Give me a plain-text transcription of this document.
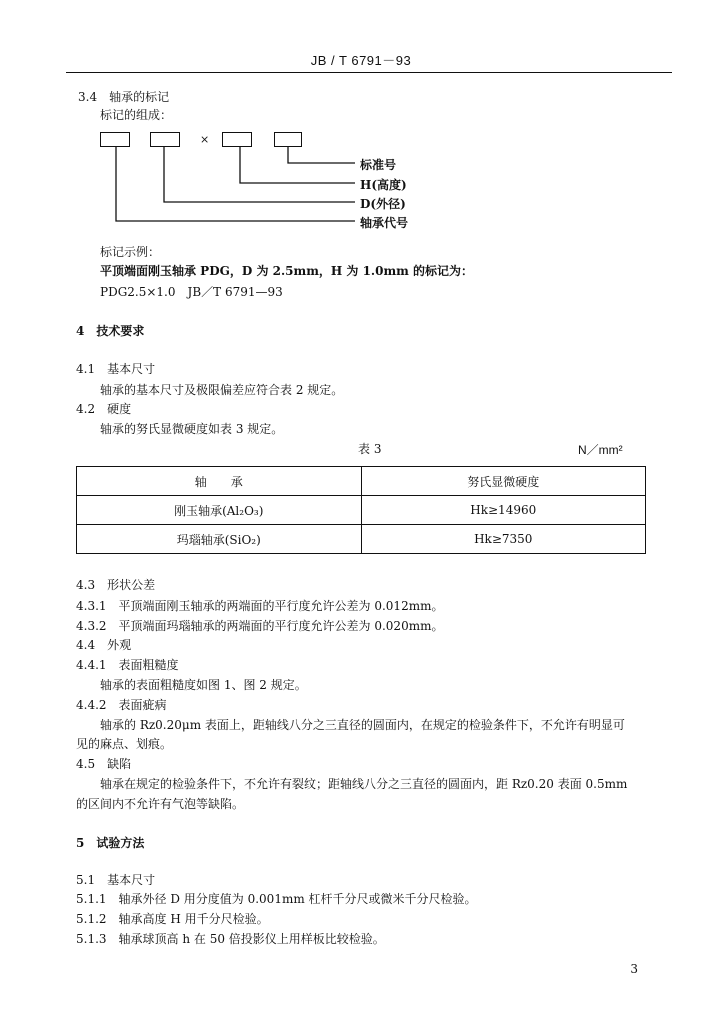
JB / T 6791－93
3.4　轴承的标记
标记的组成：
×
标准号
H(高度)
D(外径)
轴承代号
标记示例：
平顶端面刚玉轴承 PDG，D 为 2.5mm，H 为 1.0mm 的标记为：
PDG2.5×1.0　JB／T 6791—93
4　技术要求
4.1　基本尺寸
轴承的基本尺寸及极限偏差应符合表 2 规定。
4.2　硬度
轴承的努氏显微硬度如表 3 规定。
表 3	N／mm²
轴　　承	努氏显微硬度
刚玉轴承(Al₂O₃)	Hk≥14960
玛瑙轴承(SiO₂)	Hk≥7350
4.3　形状公差
4.3.1　平顶端面刚玉轴承的两端面的平行度允许公差为 0.012mm。
4.3.2　平顶端面玛瑙轴承的两端面的平行度允许公差为 0.020mm。
4.4　外观
4.4.1　表面粗糙度
轴承的表面粗糙度如图 1、图 2 规定。
4.4.2　表面疵病
轴承的 Rz0.20μm 表面上，距轴线八分之三直径的圆面内，在规定的检验条件下，不允许有明显可
见的麻点、划痕。
4.5　缺陷
轴承在规定的检验条件下，不允许有裂纹；距轴线八分之三直径的圆面内，距 Rz0.20 表面 0.5mm
的区间内不允许有气泡等缺陷。
5　试验方法
5.1　基本尺寸
5.1.1　轴承外径 D 用分度值为 0.001mm 杠杆千分尺或微米千分尺检验。
5.1.2　轴承高度 H 用千分尺检验。
5.1.3　轴承球顶高 h 在 50 倍投影仪上用样板比较检验。
3
